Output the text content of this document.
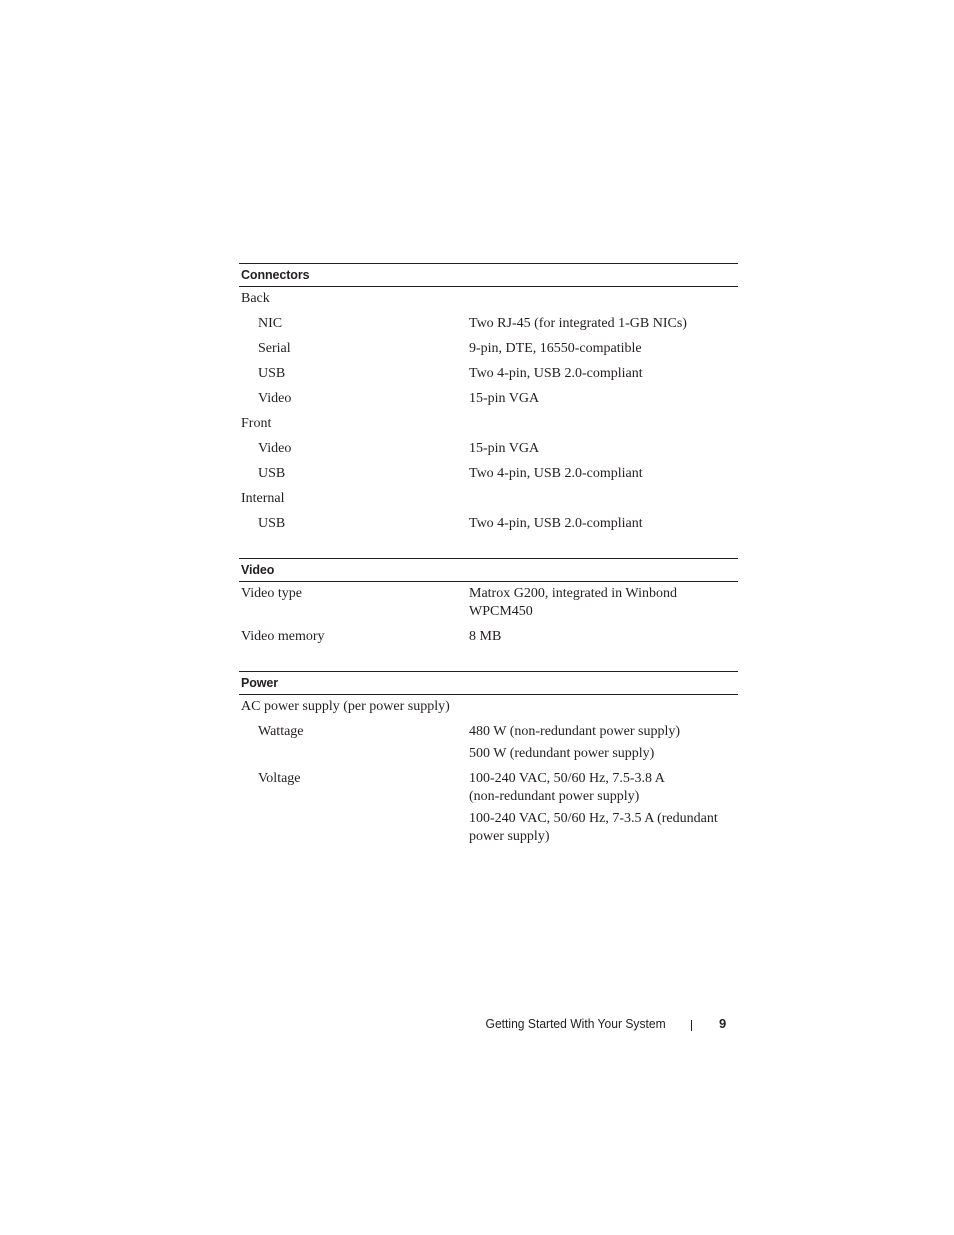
Connectors
Back
NIC	Two RJ-45 (for integrated 1-GB NICs)
Serial	9-pin, DTE, 16550-compatible
USB	Two 4-pin, USB 2.0-compliant
Video	15-pin VGA
Front
Video	15-pin VGA
USB	Two 4-pin, USB 2.0-compliant
Internal
USB	Two 4-pin, USB 2.0-compliant
Video
Video type	Matrox G200, integrated in Winbond
WPCM450
Video memory	8 MB
Power
AC power supply (per power supply)
Wattage	480 W (non-redundant power supply)
500 W (redundant power supply)
Voltage	100-240 VAC, 50/60 Hz, 7.5-3.8 A
(non-redundant power supply)
100-240 VAC, 50/60 Hz, 7-3.5 A (redundant
power supply)
Getting Started With Your System	9
